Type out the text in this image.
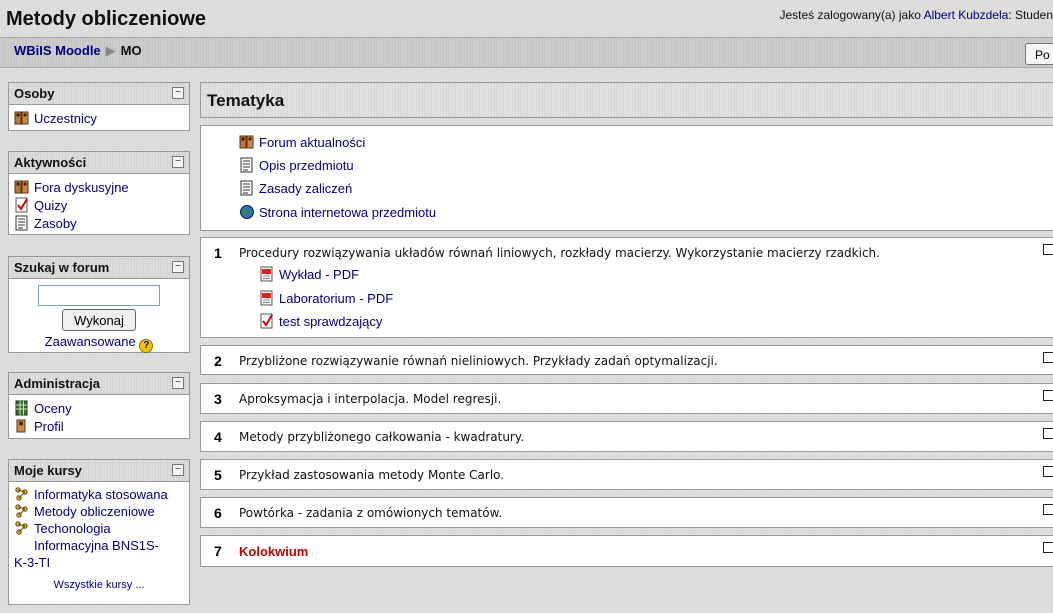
Metody obliczeniowe	Jesteś zalogowany(a) jako Albert Kubzdela: Studen
WBiIS Moodle ▶ MO	Po
Osoby	−
Uczestnicy
Aktywności	−
Fora dyskusyjne
Quizy
Zasoby
Szukaj w forum	−
Wykonaj
Zaawansowane ?
Administracja	−
Oceny
Profil
Moje kursy	−
Informatyka stosowana
Metody obliczeniowe
Techonologia
Informacyjna BNS1S-
K-3-TI
Wszystkie kursy ...
Tematyka
Forum aktualności
Opis przedmiotu
Zasady zaliczeń
Strona internetowa przedmiotu
1 Procedury rozwiązywania układów równań liniowych, rozkłady macierzy. Wykorzystanie macierzy rzadkich.
Wykład - PDF
Laboratorium - PDF
test sprawdzający
2 Przybliżone rozwiązywanie równań nieliniowych. Przykłady zadań optymalizacji.
3 Aproksymacja i interpolacja. Model regresji.
4 Metody przybliżonego całkowania - kwadratury.
5 Przykład zastosowania metody Monte Carlo.
6 Powtórka - zadania z omówionych tematów.
7 Kolokwium
